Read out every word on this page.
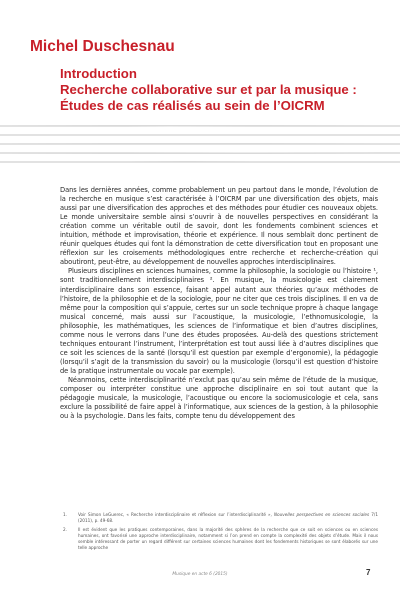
Michel Duschesnau
Introduction
Recherche collaborative sur et par la musique :
Études de cas réalisés au sein de l’OICRM

Dans les dernières années, comme probablement un peu partout dans le monde, l’évolution de la recherche en musique s’est caractérisée à l’OICRM par une diversification des objets, mais aussi par une diversification des approches et des méthodes pour étudier ces nouveaux objets. Le monde universitaire semble ainsi s’ouvrir à de nouvelles perspectives en considérant la création comme un véritable outil de savoir, dont les fondements combinent sciences et intuition, méthode et improvisation, théorie et expérience. Il nous semblait donc pertinent de réunir quelques études qui font la démonstration de cette diversification tout en proposant une réflexion sur les croisements méthodologiques entre recherche et recherche-création qui aboutiront, peut-être, au développement de nouvelles approches interdisciplinaires.

Plusieurs disciplines en sciences humaines, comme la philosophie, la sociologie ou l’histoire ¹, sont traditionnellement interdisciplinaires ². En musique, la musicologie est clairement interdisciplinaire dans son essence, faisant appel autant aux théories qu’aux méthodes de l’histoire, de la philosophie et de la sociologie, pour ne citer que ces trois disciplines. Il en va de même pour la composition qui s’appuie, certes sur un socle technique propre à chaque langage musical concerné, mais aussi sur l’acoustique, la musicologie, l’ethnomusicologie, la philosophie, les mathématiques, les sciences de l’informatique et bien d’autres disciplines, comme nous le verrons dans l’une des études proposées. Au-delà des questions strictement techniques entourant l’instrument, l’interprétation est tout aussi liée à d’autres disciplines que ce soit les sciences de la santé (lorsqu’il est question par exemple d’ergonomie), la pédagogie (lorsqu’il s’agit de la transmission du savoir) ou la musicologie (lorsqu’il est question d’histoire de la pratique instrumentale ou vocale par exemple).

Néanmoins, cette interdisciplinarité n’exclut pas qu’au sein même de l’étude de la musique, composer ou interpréter constitue une approche disciplinaire en soi tout autant que la pédagogie musicale, la musicologie, l’acoustique ou encore la sociomusicologie et cela, sans exclure la possibilité de faire appel à l’informatique, aux sciences de la gestion, à la philosophie ou à la psychologie. Dans les faits, compte tenu du développement des

1.	Voir Simon LeGuerec, « Recherche interdisciplinaire et réflexion sur l’interdisciplinarité », Nouvelles perspectives en sciences sociales 7/1 (2011), p. 49-68.

2.	Il est évident que les pratiques contemporaines, dans la majorité des sphères de la recherche que ce soit en sciences ou en sciences humaines, ont favorisé une approche interdisciplinaire, notamment si l’on prend en compte la complexité des objets d’étude. Mais il nous semble intéressant de porter un regard différent sur certaines sciences humaines dont les fondements historiques se sont élaborés sur une telle approche

Musique en acte 6 (2015)	7
